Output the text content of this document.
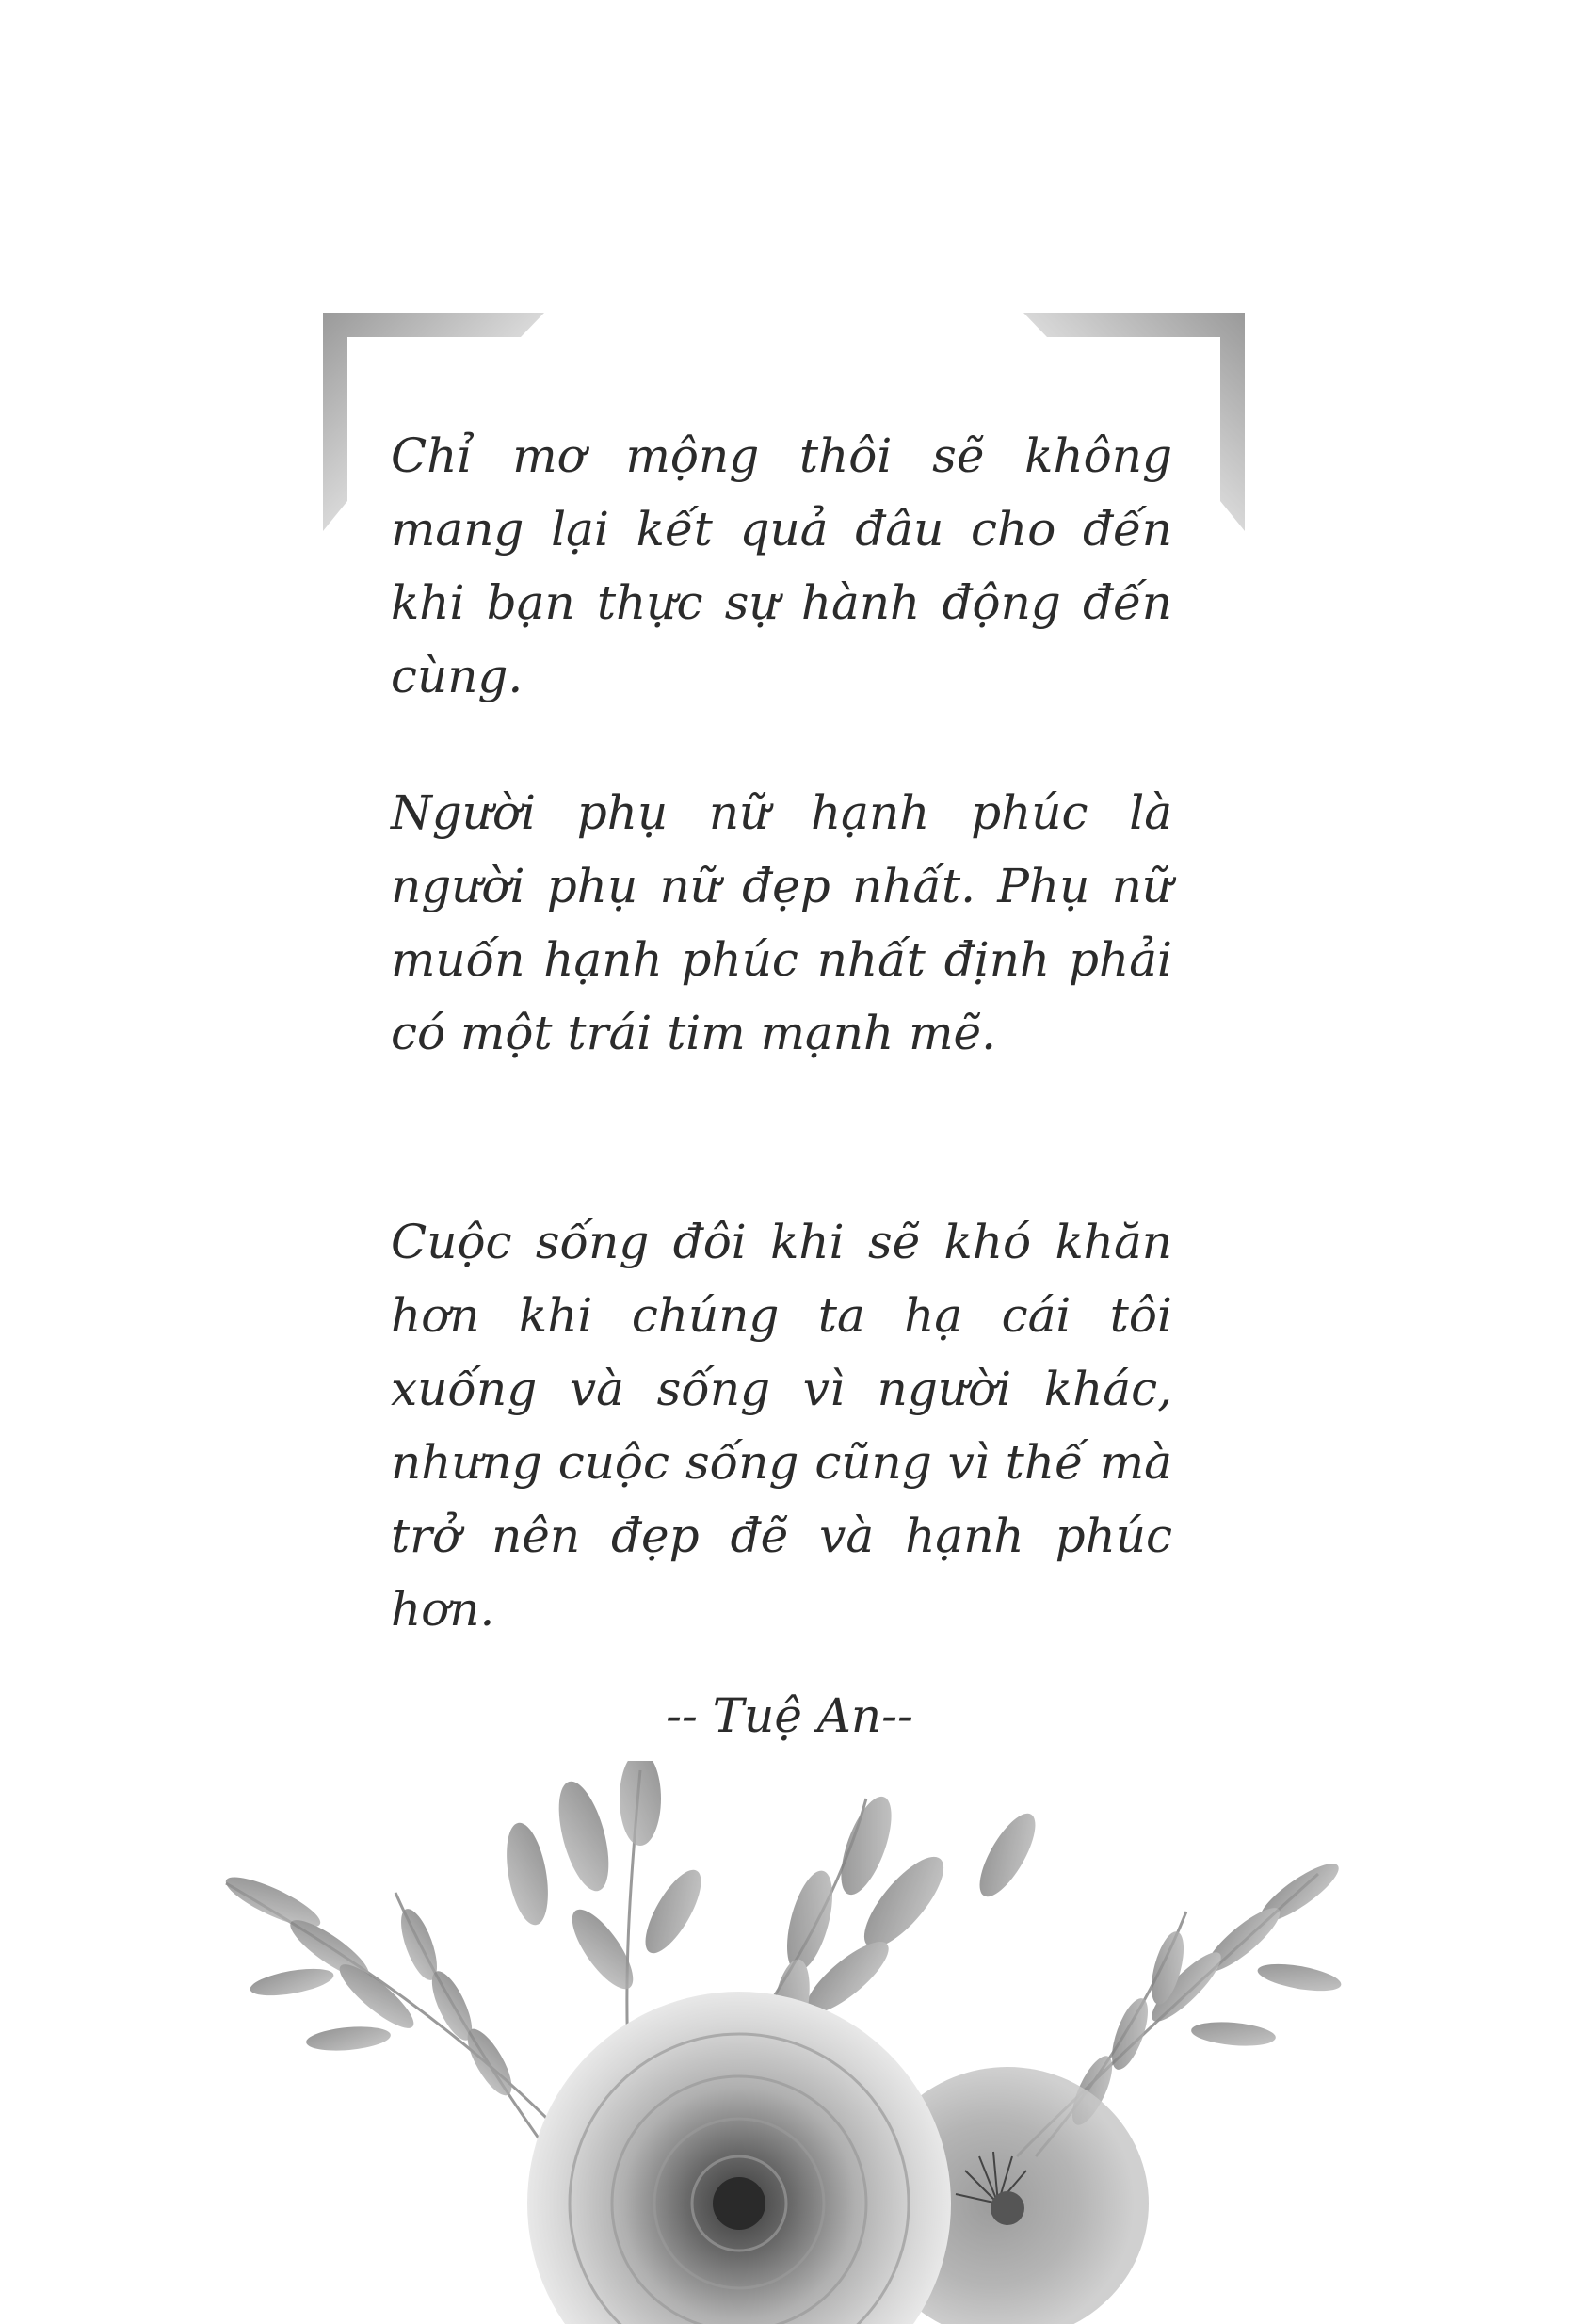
Chỉ mơ mộng thôi sẽ không mang lại kết quả đâu cho đến khi bạn thực sự hành động đến cùng.

Người phụ nữ hạnh phúc là người phụ nữ đẹp nhất. Phụ nữ muốn hạnh phúc nhất định phải có một trái tim mạnh mẽ.

Cuộc sống đôi khi sẽ khó khăn hơn khi chúng ta hạ cái tôi xuống và sống vì người khác, nhưng cuộc sống cũng vì thế mà trở nên đẹp đẽ và hạnh phúc hơn.

-- Tuệ An--
